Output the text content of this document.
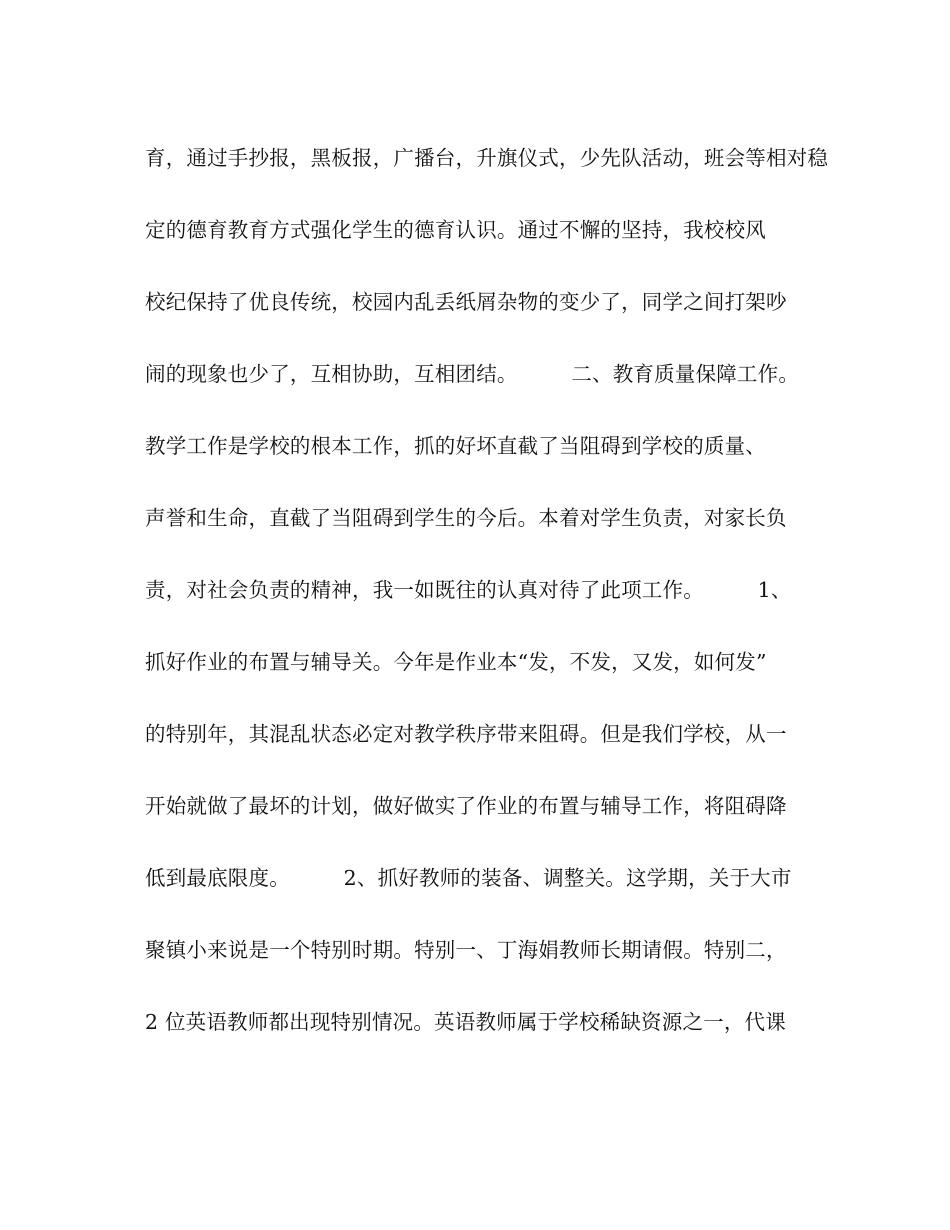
育，通过手抄报，黑板报，广播台，升旗仪式，少先队活动，班会等相对稳
定的德育教育方式强化学生的德育认识。通过不懈的坚持，我校校风
校纪保持了优良传统，校园内乱丢纸屑杂物的变少了，同学之间打架吵
闹的现象也少了，互相协助，互相团结。        二、教育质量保障工作。
教学工作是学校的根本工作，抓的好坏直截了当阻碍到学校的质量、
声誉和生命，直截了当阻碍到学生的今后。本着对学生负责，对家长负
责，对社会负责的精神，我一如既往的认真对待了此项工作。        1、
抓好作业的布置与辅导关。今年是作业本“发，不发，又发，如何发”
的特别年，其混乱状态必定对教学秩序带来阻碍。但是我们学校，从一
开始就做了最坏的计划，做好做实了作业的布置与辅导工作，将阻碍降
低到最底限度。        2、抓好教师的装备、调整关。这学期，关于大市
聚镇小来说是一个特别时期。特别一、丁海娟教师长期请假。特别二，
2 位英语教师都出现特别情况。英语教师属于学校稀缺资源之一，代课
